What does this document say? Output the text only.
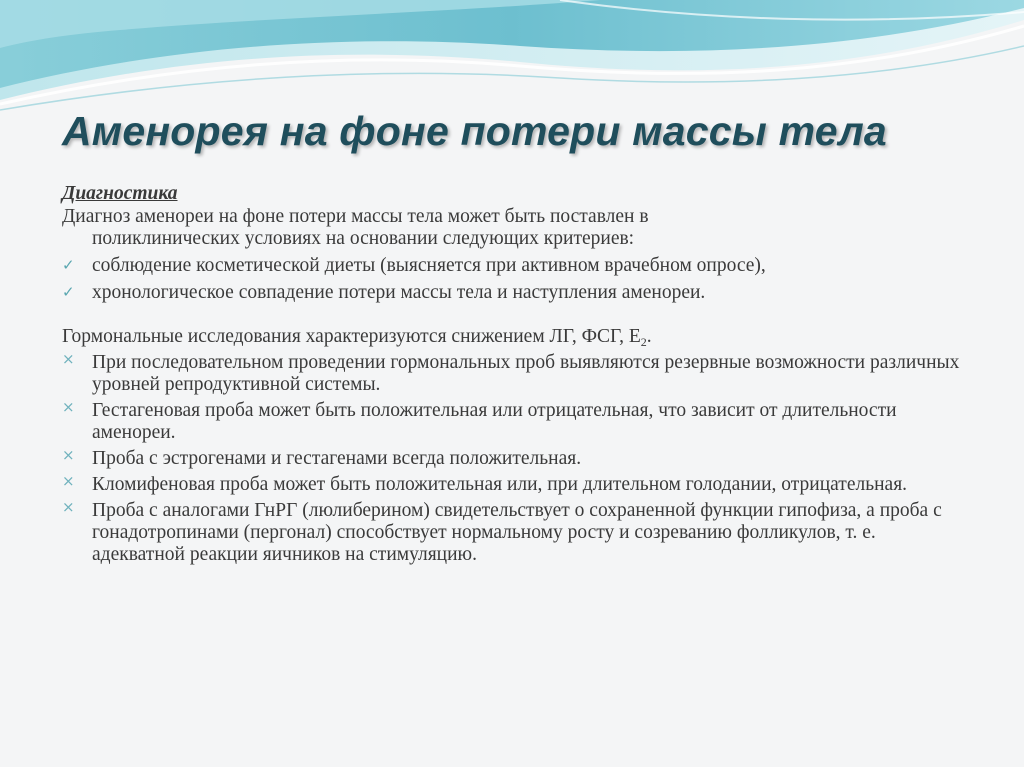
Аменорея на фоне потери массы тела

Диагностика

Диагноз аменореи на фоне потери массы тела может быть поставлен в
поликлинических условиях на основании следующих критериев:

✓ соблюдение косметической диеты (выясняется при активном врачебном опросе),
✓ хронологическое совпадение потери массы тела и наступления аменореи.

Гормональные исследования характеризуются снижением ЛГ, ФСГ, $Е_2$.

× При последовательном проведении гормональных проб выявляются резервные возможности различных уровней репродуктивной системы.
× Гестагеновая проба может быть положительная или отрицательная, что зависит от длительности аменореи.
× Проба с эстрогенами и гестагенами всегда положительная.
× Кломифеновая проба может быть положительная или, при длительном голодании, отрицательная.
× Проба с аналогами ГнРГ (люлиберином) свидетельствует о сохраненной функции гипофиза, а проба с гонадотропинами (пергонал) способствует нормальному росту и созреванию фолликулов, т. е. адекватной реакции яичников на стимуляцию.
